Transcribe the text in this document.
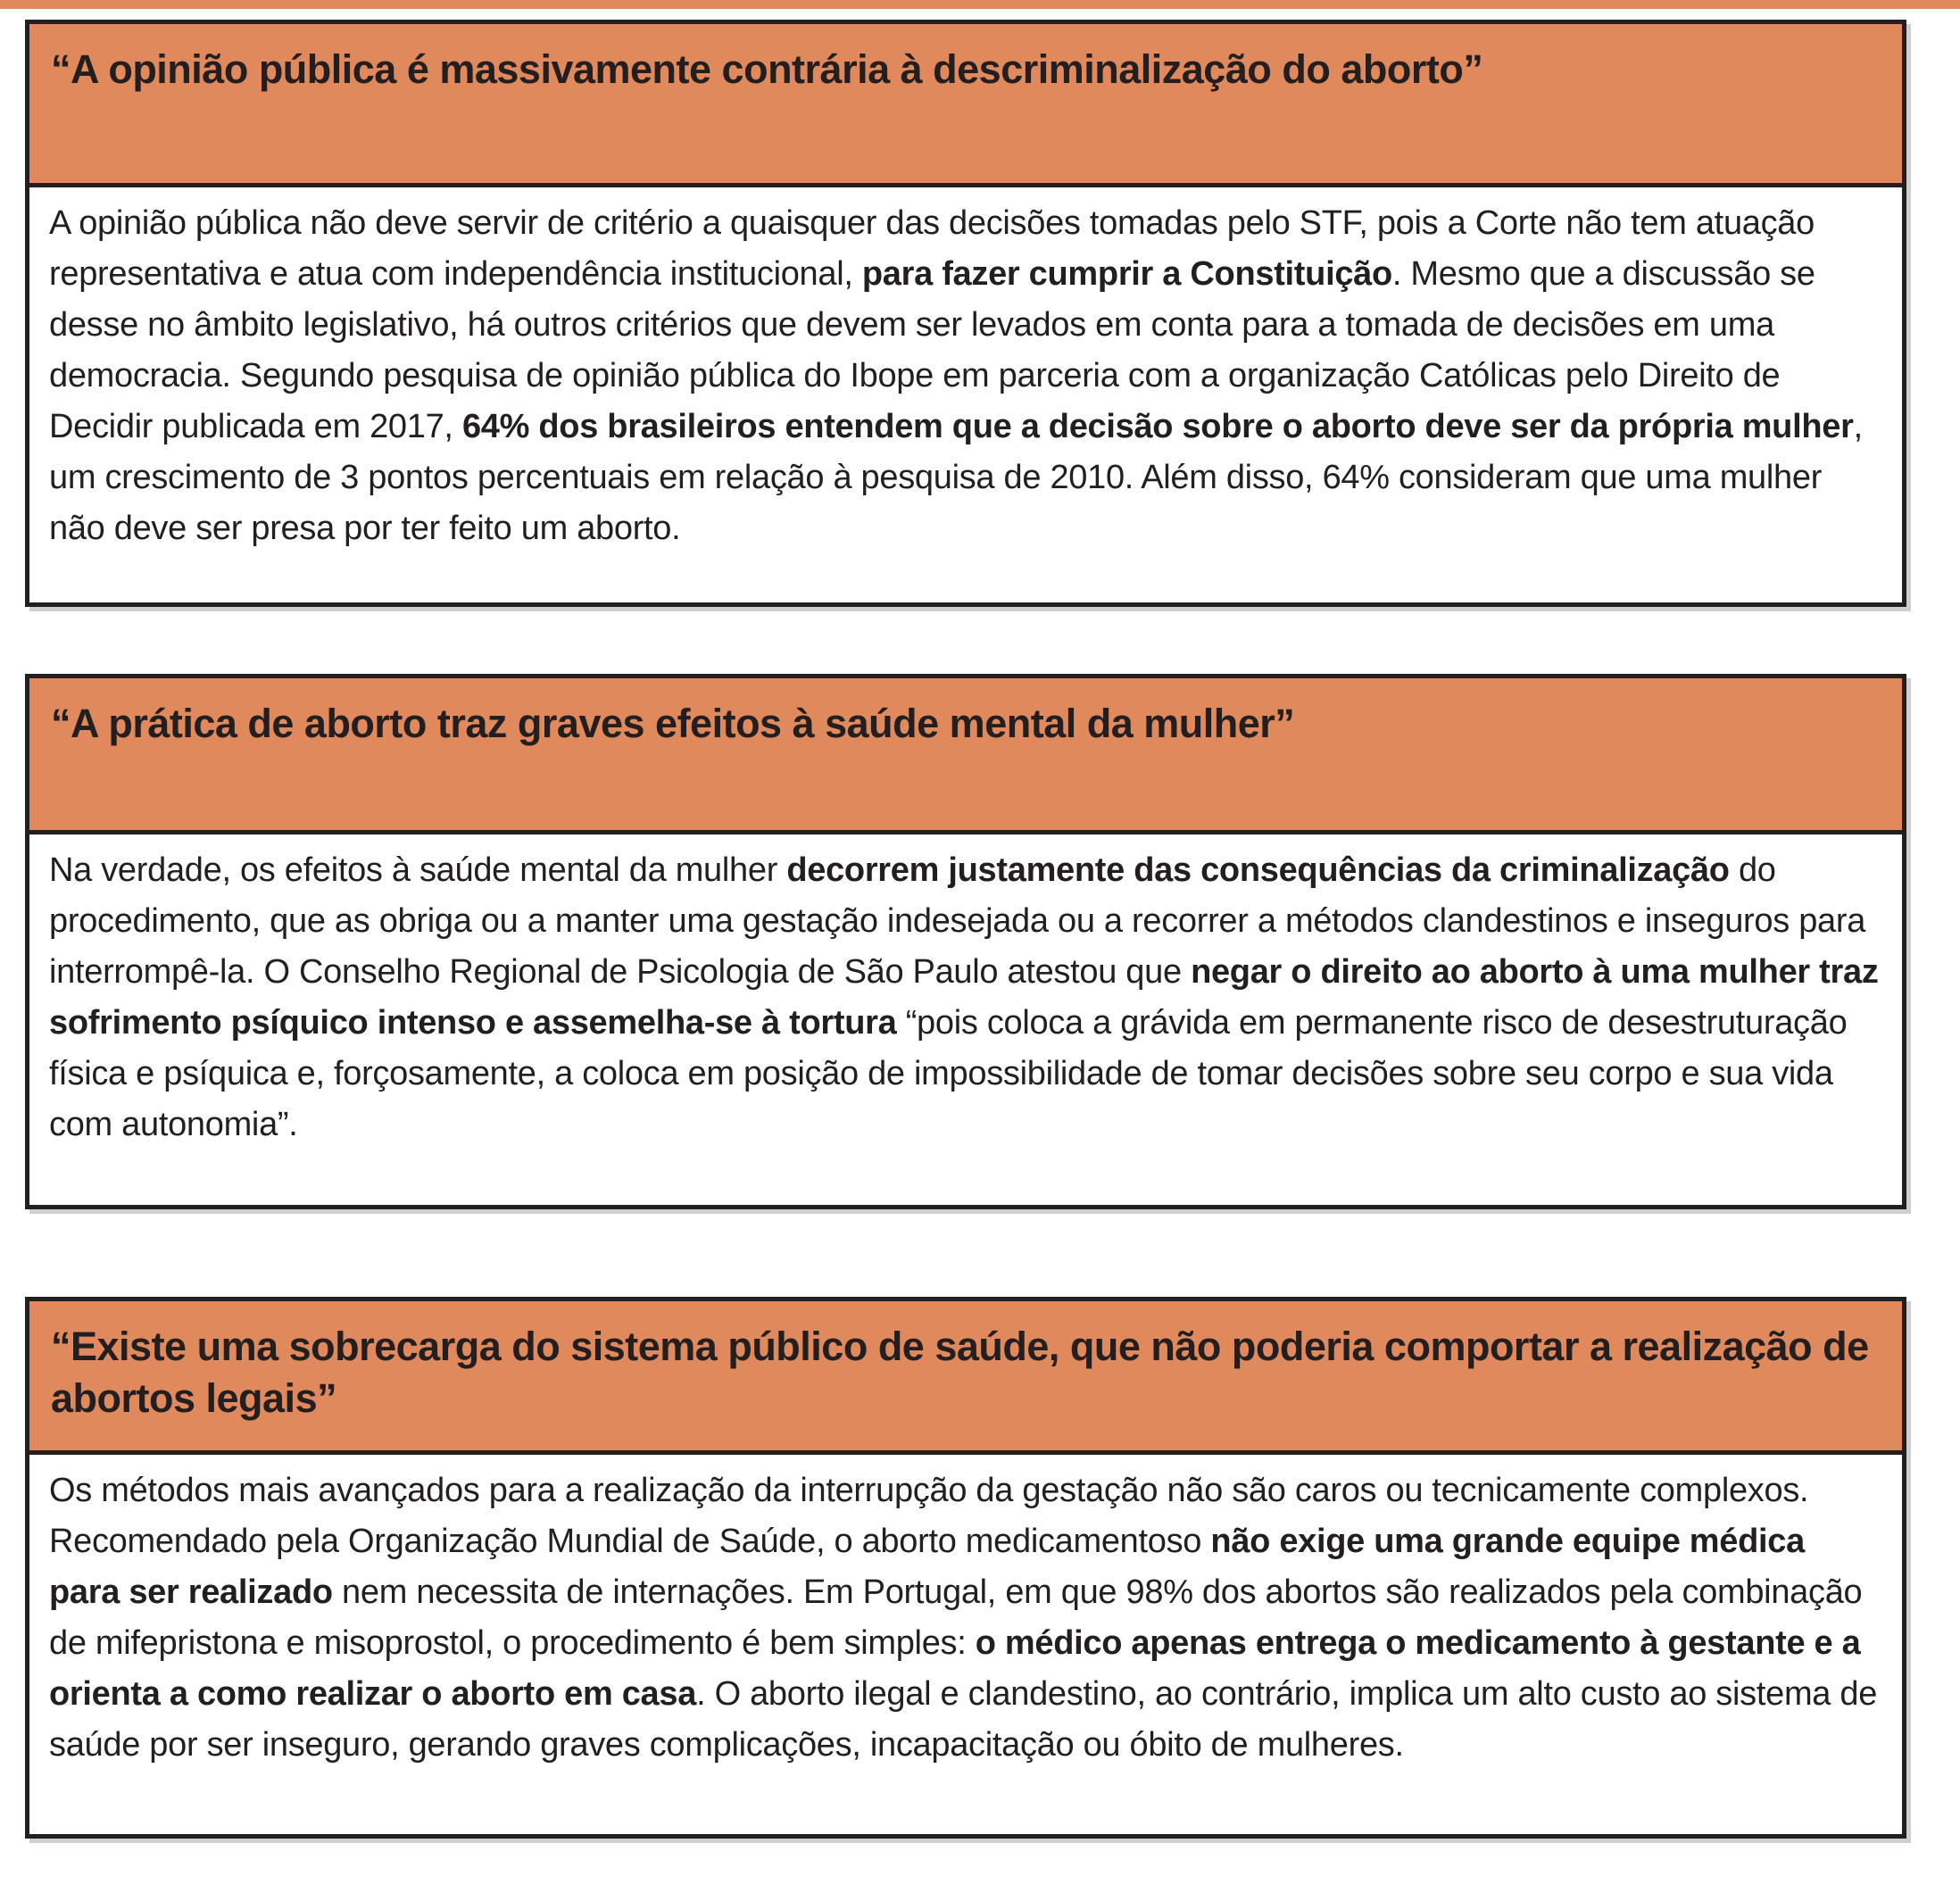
“A opinião pública é massivamente contrária à descriminalização do aborto”

A opinião pública não deve servir de critério a quaisquer das decisões tomadas pelo STF, pois a Corte não tem atuação representativa e atua com independência institucional, para fazer cumprir a Constituição. Mesmo que a discussão se desse no âmbito legislativo, há outros critérios que devem ser levados em conta para a tomada de decisões em uma democracia. Segundo pesquisa de opinião pública do Ibope em parceria com a organização Católicas pelo Direito de Decidir publicada em 2017, 64% dos brasileiros entendem que a decisão sobre o aborto deve ser da própria mulher, um crescimento de 3 pontos percentuais em relação à pesquisa de 2010. Além disso, 64% consideram que uma mulher não deve ser presa por ter feito um aborto.

“A prática de aborto traz graves efeitos à saúde mental da mulher”

Na verdade, os efeitos à saúde mental da mulher decorrem justamente das consequências da criminalização do procedimento, que as obriga ou a manter uma gestação indesejada ou a recorrer a métodos clandestinos e inseguros para interrompê-la. O Conselho Regional de Psicologia de São Paulo atestou que negar o direito ao aborto à uma mulher traz sofrimento psíquico intenso e assemelha-se à tortura “pois coloca a grávida em permanente risco de desestruturação física e psíquica e, forçosamente, a coloca em posição de impossibilidade de tomar decisões sobre seu corpo e sua vida com autonomia”.

“Existe uma sobrecarga do sistema público de saúde, que não poderia comportar a realização de abortos legais”

Os métodos mais avançados para a realização da interrupção da gestação não são caros ou tecnicamente complexos. Recomendado pela Organização Mundial de Saúde, o aborto medicamentoso não exige uma grande equipe médica para ser realizado nem necessita de internações. Em Portugal, em que 98% dos abortos são realizados pela combinação de mifepristona e misoprostol, o procedimento é bem simples: o médico apenas entrega o medicamento à gestante e a orienta a como realizar o aborto em casa. O aborto ilegal e clandestino, ao contrário, implica um alto custo ao sistema de saúde por ser inseguro, gerando graves complicações, incapacitação ou óbito de mulheres.
